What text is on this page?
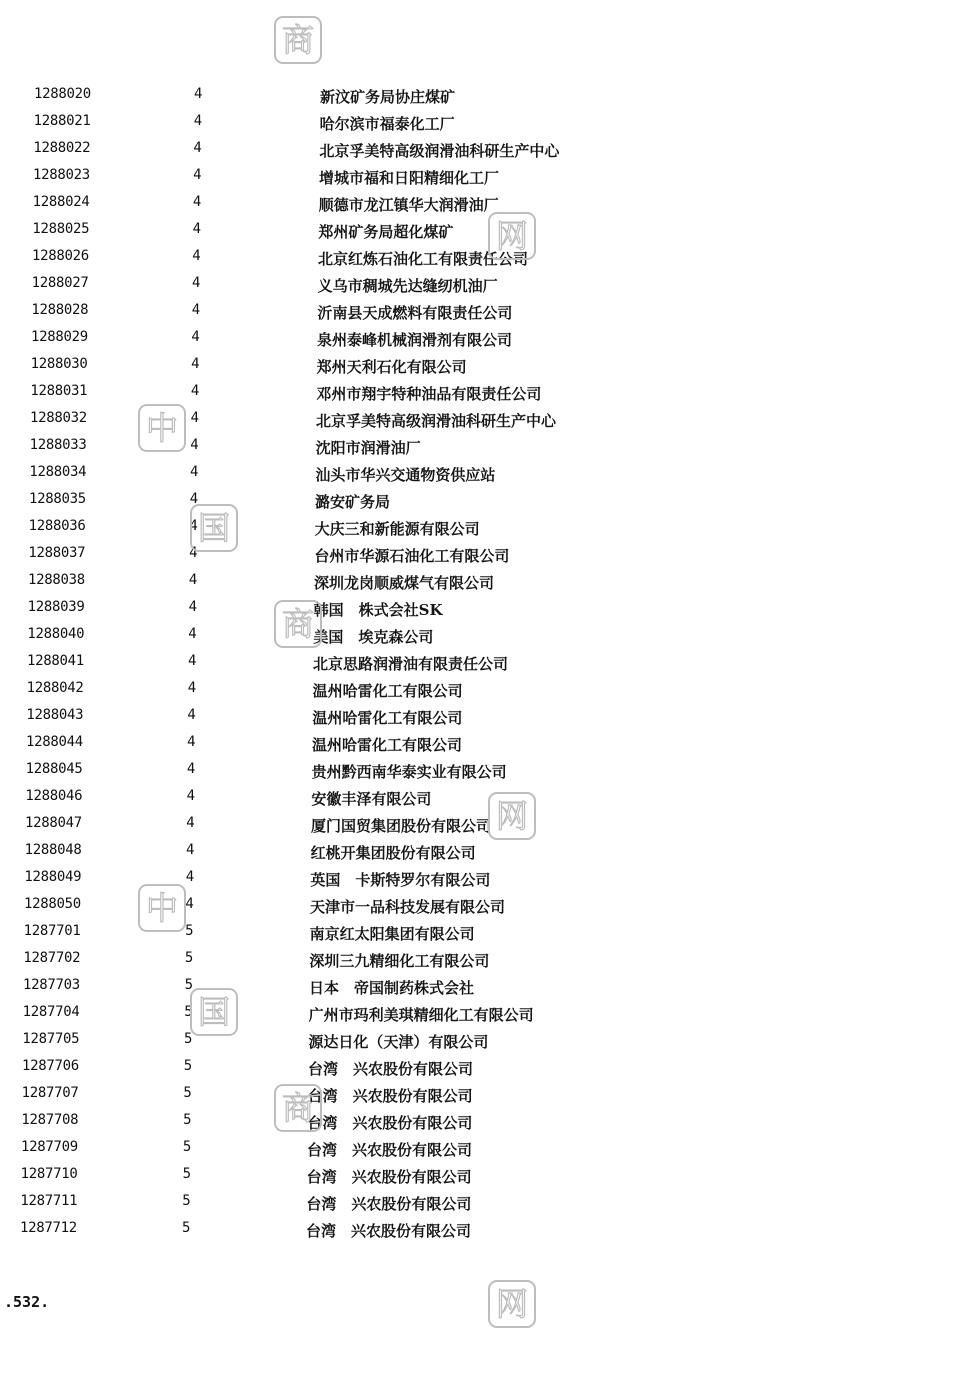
1288020	4	新汶矿务局协庄煤矿
1288021	4	哈尔滨市福泰化工厂
1288022	4	北京孚美特高级润滑油科研生产中心
1288023	4	增城市福和日阳精细化工厂
1288024	4	顺德市龙江镇华大润滑油厂
1288025	4	郑州矿务局超化煤矿
1288026	4	北京红炼石油化工有限责任公司
1288027	4	义乌市稠城先达缝纫机油厂
1288028	4	沂南县天成燃料有限责任公司
1288029	4	泉州泰峰机械润滑剂有限公司
1288030	4	郑州天利石化有限公司
1288031	4	邓州市翔宇特种油品有限责任公司
1288032	4	北京孚美特高级润滑油科研生产中心
1288033	4	沈阳市润滑油厂
1288034	4	汕头市华兴交通物资供应站
1288035	4	潞安矿务局
1288036	4	大庆三和新能源有限公司
1288037	4	台州市华源石油化工有限公司
1288038	4	深圳龙岗顺威煤气有限公司
1288039	4	韩国　株式会社SK
1288040	4	美国　埃克森公司
1288041	4	北京思路润滑油有限责任公司
1288042	4	温州哈雷化工有限公司
1288043	4	温州哈雷化工有限公司
1288044	4	温州哈雷化工有限公司
1288045	4	贵州黔西南华泰实业有限公司
1288046	4	安徽丰泽有限公司
1288047	4	厦门国贸集团股份有限公司
1288048	4	红桃开集团股份有限公司
1288049	4	英国　卡斯特罗尔有限公司
1288050	4	天津市一品科技发展有限公司
1287701	5	南京红太阳集团有限公司
1287702	5	深圳三九精细化工有限公司
1287703	5	日本　帝国制药株式会社
1287704	5	广州市玛利美琪精细化工有限公司
1287705	5	源达日化（天津）有限公司
1287706	5	台湾　兴农股份有限公司
1287707	5	台湾　兴农股份有限公司
1287708	5	台湾　兴农股份有限公司
1287709	5	台湾　兴农股份有限公司
1287710	5	台湾　兴农股份有限公司
1287711	5	台湾　兴农股份有限公司
1287712	5	台湾　兴农股份有限公司
.532.
商
网
中
国
商
网
中
国
商
网
